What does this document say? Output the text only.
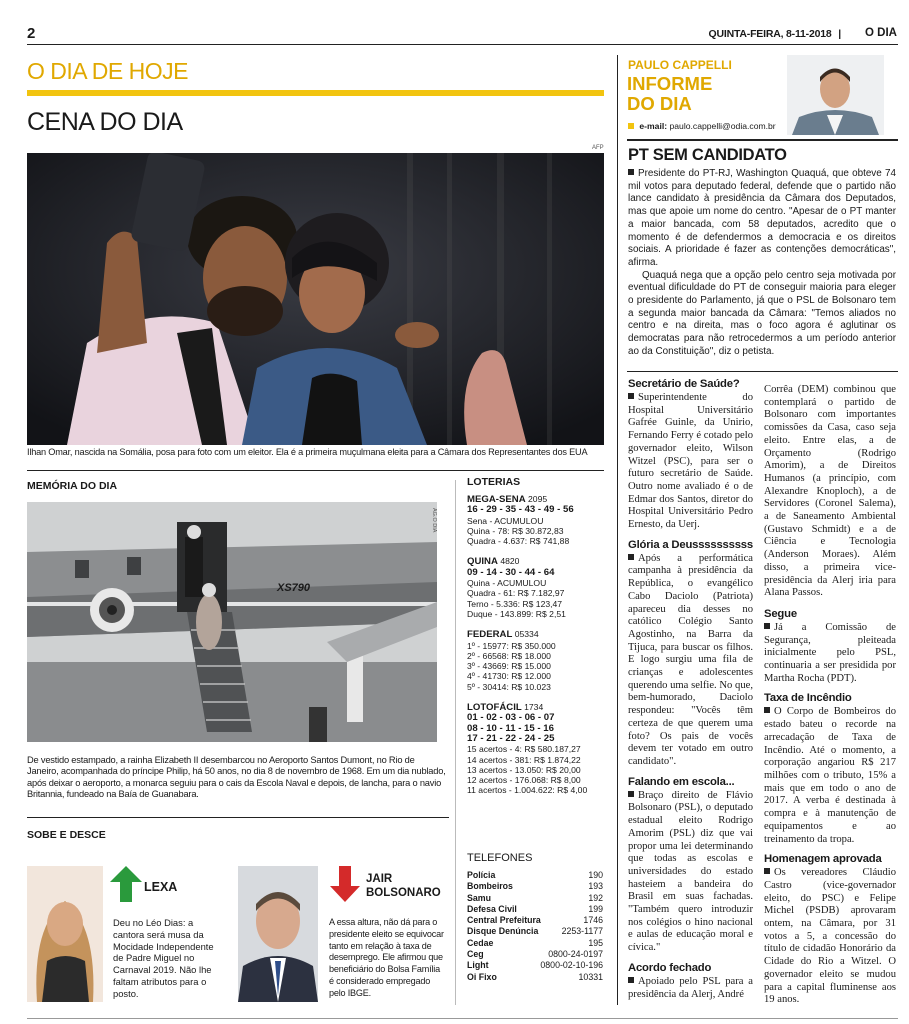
2	QUINTA-FEIRA, 8-11-2018 |	O DIA
O DIA DE HOJE
CENA DO DIA
AFP
Ilhan Omar, nascida na Somália, posa para foto com um eleitor. Ela é a primeira muçulmana eleita para a Câmara dos Representantes dos EUA
MEMÓRIA DO DIA
XS790
AG.O DIA
De vestido estampado, a rainha Elizabeth II desembarcou no Aeroporto Santos Dumont, no Rio de Janeiro, acompanhada do príncipe Philip, há 50 anos, no dia 8 de novembro de 1968. Em um dia nublado, após deixar o aeroporto, a monarca seguiu para o cais da Escola Naval e depois, de lancha, para o navio Britannia, fundeado na Baía de Guanabara.
SOBE E DESCE
LEXA
Deu no Léo Dias: a cantora será musa da Mocidade Independente de Padre Miguel no Carnaval 2019. Não lhe faltam atributos para o posto.
JAIR
BOLSONARO
A essa altura, não dá para o presidente eleito se equivocar tanto em relação à taxa de desemprego. Ele afirmou que beneficiário do Bolsa Família é considerado empregado pelo IBGE.
LOTERIAS
MEGA-SENA 2095
16 - 29 - 35 - 43 - 49 - 56
Sena - ACUMULOU
Quina - 78: R$ 30.872,83
Quadra - 4.637: R$ 741,88
QUINA 4820
09 - 14 - 30 - 44 - 64
Quina - ACUMULOU
Quadra - 61: R$ 7.182,97
Terno - 5.336: R$ 123,47
Duque - 143.899: R$ 2,51
FEDERAL 05334
1º - 15977: R$ 350.000
2º - 66568: R$ 18.000
3º - 43669: R$ 15.000
4º - 41730: R$ 12.000
5º - 30414: R$ 10.023
LOTOFÁCIL 1734
01 - 02 - 03 - 06 - 07
08 - 10 - 11 - 15 - 16
17 - 21 - 22 - 24 - 25
15 acertos - 4: R$ 580.187,27
14 acertos - 381: R$ 1.874,22
13 acertos - 13.050: R$ 20,00
12 acertos - 176.068: R$ 8,00
11 acertos - 1.004.622: R$ 4,00
TELEFONES
Polícia	190
Bombeiros	193
Samu	192
Defesa Civil	199
Central Prefeitura	1746
Disque Denúncia	2253-1177
Cedae	195
Ceg	0800-24-0197
Light	0800-02-10-196
Oi Fixo	10331
PAULO CAPPELLI
INFORME
DO DIA
e-mail: paulo.cappelli@odia.com.br
PT SEM CANDIDATO

Presidente do PT-RJ, Washington Quaquá, que obteve 74 mil votos para deputado federal, defende que o partido não lance candidato à presidência da Câmara dos Deputados, mas que apoie um nome do centro. "Apesar de o PT manter a maior bancada, com 58 deputados, acredito que o momento é de defendermos a democracia e os direitos sociais. A prioridade é fazer as contenções democráticas", afirma.

Quaquá nega que a opção pelo centro seja motivada por eventual dificuldade do PT de conseguir maioria para eleger o presidente do Parlamento, já que o PSL de Bolsonaro tem a segunda maior bancada da Câmara: "Temos aliados no centro e na direita, mas o foco agora é aglutinar os democratas para não retrocedermos a um período anterior ao da Constituição", diz o petista.

Secretário de Saúde?

Superintendente do Hospital Universitário Gafrée Guinle, da Unirio, Fernando Ferry é cotado pelo governador eleito, Wilson Witzel (PSC), para ser o futuro secretário de Saúde. Outro nome avaliado é o de Edmar dos Santos, diretor do Hospital Universitário Pedro Ernesto, da Uerj.

Glória a Deussssssssss

Após a performática campanha à presidência da República, o evangélico Cabo Daciolo (Patriota) apareceu dia desses no católico Colégio Santo Agostinho, na Barra da Tijuca, para buscar os filhos. E logo surgiu uma fila de crianças e adolescentes querendo uma selfie. No que, bem-humorado, Daciolo respondeu: "Vocês têm certeza de que querem uma foto? Os pais de vocês devem ter votado em outro candidato".

Falando em escola...

Braço direito de Flávio Bolsonaro (PSL), o deputado estadual eleito Rodrigo Amorim (PSL) diz que vai propor uma lei determinando que todas as escolas e universidades do estado hasteiem a bandeira do Brasil em suas fachadas. "Também quero introduzir nos colégios o hino nacional e aulas de educação moral e cívica."

Acordo fechado

Apoiado pelo PSL para a presidência da Alerj, André

Corrêa (DEM) combinou que contemplará o partido de Bolsonaro com importantes comissões da Casa, caso seja eleito. Entre elas, a de Orçamento (Rodrigo Amorim), a de Direitos Humanos (a princípio, com Alexandre Knoploch), a de Servidores (Coronel Salema), a de Saneamento Ambiental (Gustavo Schmidt) e a de Ciência e Tecnologia (Anderson Moraes). Além disso, a primeira vice-presidência da Alerj iria para Alana Passos.

Segue

Já a Comissão de Segurança, pleiteada inicialmente pelo PSL, continuaria a ser presidida por Martha Rocha (PDT).

Taxa de Incêndio

O Corpo de Bombeiros do estado bateu o recorde na arrecadação de Taxa de Incêndio. Até o momento, a corporação angariou R$ 217 milhões com o tributo, 15% a mais que em todo o ano de 2017. A verba é destinada à compra e à manutenção de equipamentos e ao treinamento da tropa.

Homenagem aprovada

Os vereadores Cláudio Castro (vice-governador eleito, do PSC) e Felipe Michel (PSDB) aprovaram ontem, na Câmara, por 31 votos a 5, a concessão do título de cidadão Honorário da Cidade do Rio a Witzel. O governador eleito se mudou para a capital fluminense aos 19 anos.
